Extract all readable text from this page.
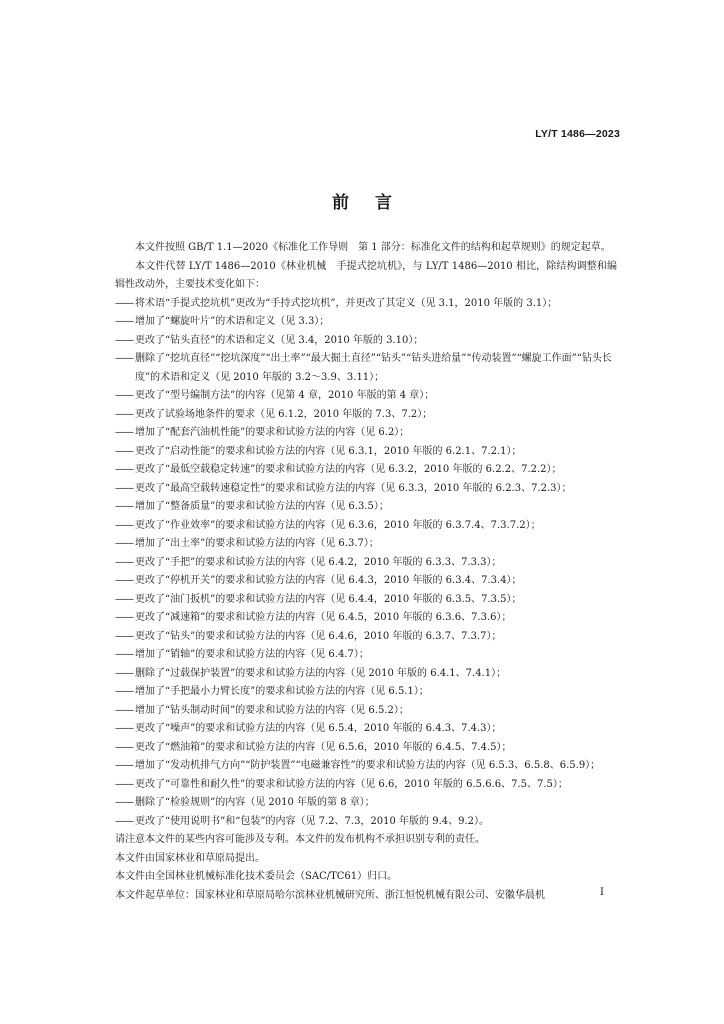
LY/T 1486—2023
前言

本文件按照 GB/T 1.1—2020《标准化工作导则　第 1 部分：标准化文件的结构和起草规则》的规定起草。

本文件代替 LY/T 1486—2010《林业机械　手提式挖坑机》，与 LY/T 1486—2010 相比，除结构调整和编辑性改动外，主要技术变化如下：

—— 将术语“手提式挖坑机”更改为“手持式挖坑机”，并更改了其定义（见 3.1，2010 年版的 3.1）；

—— 增加了“螺旋叶片”的术语和定义（见 3.3）；

—— 更改了“钻头直径”的术语和定义（见 3.4，2010 年版的 3.10）；

—— 删除了“挖坑直径”“挖坑深度”“出土率”“最大掘土直径”“钻头”“钻头进给量”“传动装置”“螺旋工作面”“钻头长度”的术语和定义（见 2010 年版的 3.2～3.9、3.11）；

—— 更改了“型号编制方法”的内容（见第 4 章，2010 年版的第 4 章）；

—— 更改了试验场地条件的要求（见 6.1.2，2010 年版的 7.3、7.2）；

—— 增加了“配套汽油机性能”的要求和试验方法的内容（见 6.2）；

—— 更改了“启动性能”的要求和试验方法的内容（见 6.3.1，2010 年版的 6.2.1、7.2.1）；

—— 更改了“最低空载稳定转速”的要求和试验方法的内容（见 6.3.2，2010 年版的 6.2.2、7.2.2）；

—— 更改了“最高空载转速稳定性”的要求和试验方法的内容（见 6.3.3，2010 年版的 6.2.3、7.2.3）；

—— 增加了“整备质量”的要求和试验方法的内容（见 6.3.5）；

—— 更改了“作业效率”的要求和试验方法的内容（见 6.3.6，2010 年版的 6.3.7.4、7.3.7.2）；

—— 增加了“出土率”的要求和试验方法的内容（见 6.3.7）；

—— 更改了“手把”的要求和试验方法的内容（见 6.4.2，2010 年版的 6.3.3、7.3.3）；

—— 更改了“停机开关”的要求和试验方法的内容（见 6.4.3，2010 年版的 6.3.4、7.3.4）；

—— 更改了“油门扳机”的要求和试验方法的内容（见 6.4.4，2010 年版的 6.3.5、7.3.5）；

—— 更改了“减速箱”的要求和试验方法的内容（见 6.4.5，2010 年版的 6.3.6、7.3.6）；

—— 更改了“钻头”的要求和试验方法的内容（见 6.4.6，2010 年版的 6.3.7、7.3.7）；

—— 增加了“销轴”的要求和试验方法的内容（见 6.4.7）；

—— 删除了“过载保护装置”的要求和试验方法的内容（见 2010 年版的 6.4.1、7.4.1）；

—— 增加了“手把最小力臂长度”的要求和试验方法的内容（见 6.5.1）；

—— 增加了“钻头制动时间”的要求和试验方法的内容（见 6.5.2）；

—— 更改了“噪声”的要求和试验方法的内容（见 6.5.4，2010 年版的 6.4.3、7.4.3）；

—— 更改了“燃油箱”的要求和试验方法的内容（见 6.5.6，2010 年版的 6.4.5、7.4.5）；

—— 增加了“发动机排气方向”“防护装置”“电磁兼容性”的要求和试验方法的内容（见 6.5.3、6.5.8、6.5.9）；

—— 更改了“可靠性和耐久性”的要求和试验方法的内容（见 6.6，2010 年版的 6.5.6.6、7.5、7.5）；

—— 删除了“检验规则”的内容（见 2010 年版的第 8 章）；

—— 更改了“使用说明书”和“包装”的内容（见 7.2、7.3，2010 年版的 9.4、9.2）。

请注意本文件的某些内容可能涉及专利。本文件的发布机构不承担识别专利的责任。

本文件由国家林业和草原局提出。

本文件由全国林业机械标准化技术委员会（SAC/TC61）归口。

本文件起草单位：国家林业和草原局哈尔滨林业机械研究所、浙江恒悦机械有限公司、安徽华晨机	I
